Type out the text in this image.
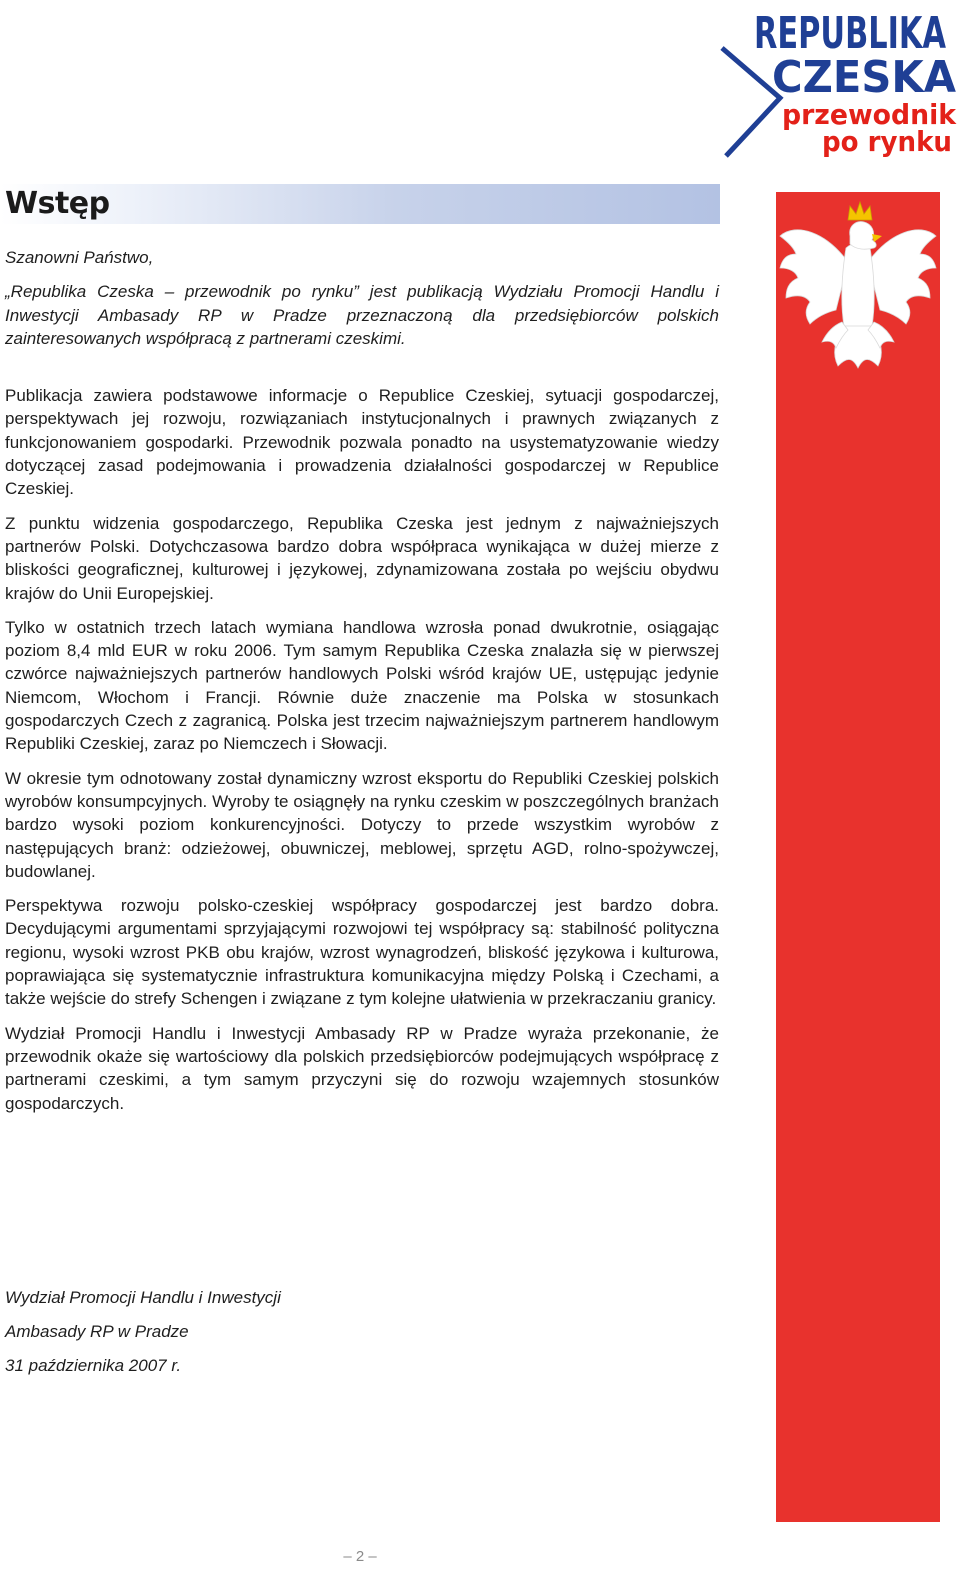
REPUBLIKA
CZESKA
przewodnik
po rynku
Wstęp

Szanowni Państwo,

„Republika Czeska – przewodnik po rynku” jest publikacją Wydziału Promocji Handlu i Inwestycji Ambasady RP w Pradze przeznaczoną dla przedsiębiorców polskich zainteresowanych współpracą z partnerami czeskimi.

Publikacja zawiera podstawowe informacje o Republice Czeskiej, sytuacji gospodarczej, perspektywach jej rozwoju, rozwiązaniach instytucjonalnych i prawnych związanych z funkcjonowaniem gospodarki. Przewodnik pozwala ponadto na usystematyzowanie wiedzy dotyczącej zasad podejmowania i prowadzenia działalności gospodarczej w Republice Czeskiej.

Z punktu widzenia gospodarczego, Republika Czeska jest jednym z najważniejszych partnerów Polski. Dotychczasowa bardzo dobra współpraca wynikająca w dużej mierze z bliskości geograficznej, kulturowej i językowej, zdynamizowana została po wejściu obydwu krajów do Unii Europejskiej.

Tylko w ostatnich trzech latach wymiana handlowa wzrosła ponad dwukrotnie, osiągając poziom 8,4 mld EUR w roku 2006. Tym samym Republika Czeska znalazła się w pierwszej czwórce najważniejszych partnerów handlowych Polski wśród krajów UE, ustępując jedynie Niemcom, Włochom i Francji. Równie duże znaczenie ma Polska w stosunkach gospodarczych Czech z zagranicą. Polska jest trzecim najważniejszym partnerem handlowym Republiki Czeskiej, zaraz po Niemczech i Słowacji.

W okresie tym odnotowany został dynamiczny wzrost eksportu do Republiki Czeskiej polskich wyrobów konsumpcyjnych. Wyroby te osiągnęły na rynku czeskim w poszczególnych branżach bardzo wysoki poziom konkurencyjności. Dotyczy to przede wszystkim wyrobów z następujących branż: odzieżowej, obuwniczej, meblowej, sprzętu AGD, rolno-spożywczej, budowlanej.

Perspektywa rozwoju polsko-czeskiej współpracy gospodarczej jest bardzo dobra. Decydującymi argumentami sprzyjającymi rozwojowi tej współpracy są: stabilność polityczna regionu, wysoki wzrost PKB obu krajów, wzrost wynagrodzeń, bliskość językowa i kulturowa, poprawiająca się systematycznie infrastruktura komunikacyjna między Polską i Czechami, a także wejście do strefy Schengen i związane z tym kolejne ułatwienia w przekraczaniu granicy.

Wydział Promocji Handlu i Inwestycji Ambasady RP w Pradze wyraża przekonanie, że przewodnik okaże się wartościowy dla polskich przedsiębiorców podejmujących współpracę z partnerami czeskimi, a tym samym przyczyni się do rozwoju wzajemnych stosunków gospodarczych.

Wydział Promocji Handlu i Inwestycji
Ambasady RP w Pradze
31 października 2007 r.
– 2 –
